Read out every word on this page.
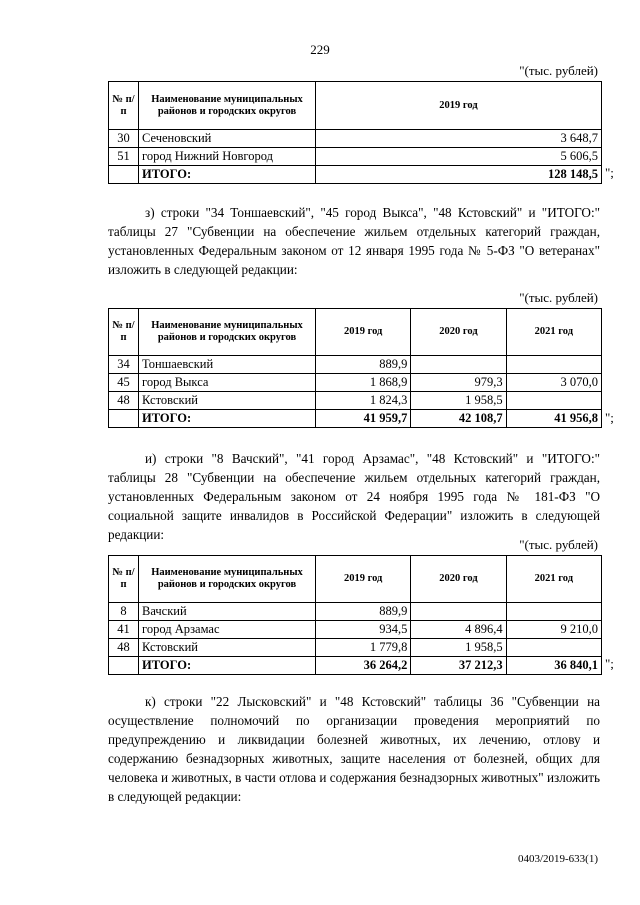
229
"(тыс. рублей)
№ п/п	Наименование муниципальных районов и городских округов	2019 год
30	Сеченовский	3 648,7
51	город Нижний Новгород	5 606,5
	ИТОГО:	128 148,5 ";

з) строки "34 Тоншаевский", "45 город Выкса", "48 Кстовский" и "ИТОГО:" таблицы 27 "Субвенции на обеспечение жильем отдельных категорий граждан, установленных Федеральным законом от 12 января 1995 года № 5-ФЗ "О ветеранах" изложить в следующей редакции:

"(тыс. рублей)
№ п/п	Наименование муниципальных районов и городских округов	2019 год	2020 год	2021 год
34	Тоншаевский	889,9		
45	город Выкса	1 868,9	979,3	3 070,0
48	Кстовский	1 824,3	1 958,5	
	ИТОГО:	41 959,7	42 108,7	41 956,8 ";

и) строки "8 Вачский", "41 город Арзамас", "48 Кстовский" и "ИТОГО:" таблицы 28 "Субвенции на обеспечение жильем отдельных категорий граждан, установленных Федеральным законом от 24 ноября 1995 года № 181-ФЗ "О социальной защите инвалидов в Российской Федерации" изложить в следующей редакции:

"(тыс. рублей)
№ п/п	Наименование муниципальных районов и городских округов	2019 год	2020 год	2021 год
8	Вачский	889,9		
41	город Арзамас	934,5	4 896,4	9 210,0
48	Кстовский	1 779,8	1 958,5	
	ИТОГО:	36 264,2	37 212,3	36 840,1 ";

к) строки "22 Лысковский" и "48 Кстовский" таблицы 36 "Субвенции на осуществление полномочий по организации проведения мероприятий по предупреждению и ликвидации болезней животных, их лечению, отлову и содержанию безнадзорных животных, защите населения от болезней, общих для человека и животных, в части отлова и содержания безнадзорных животных" изложить в следующей редакции:

0403/2019-633(1)
